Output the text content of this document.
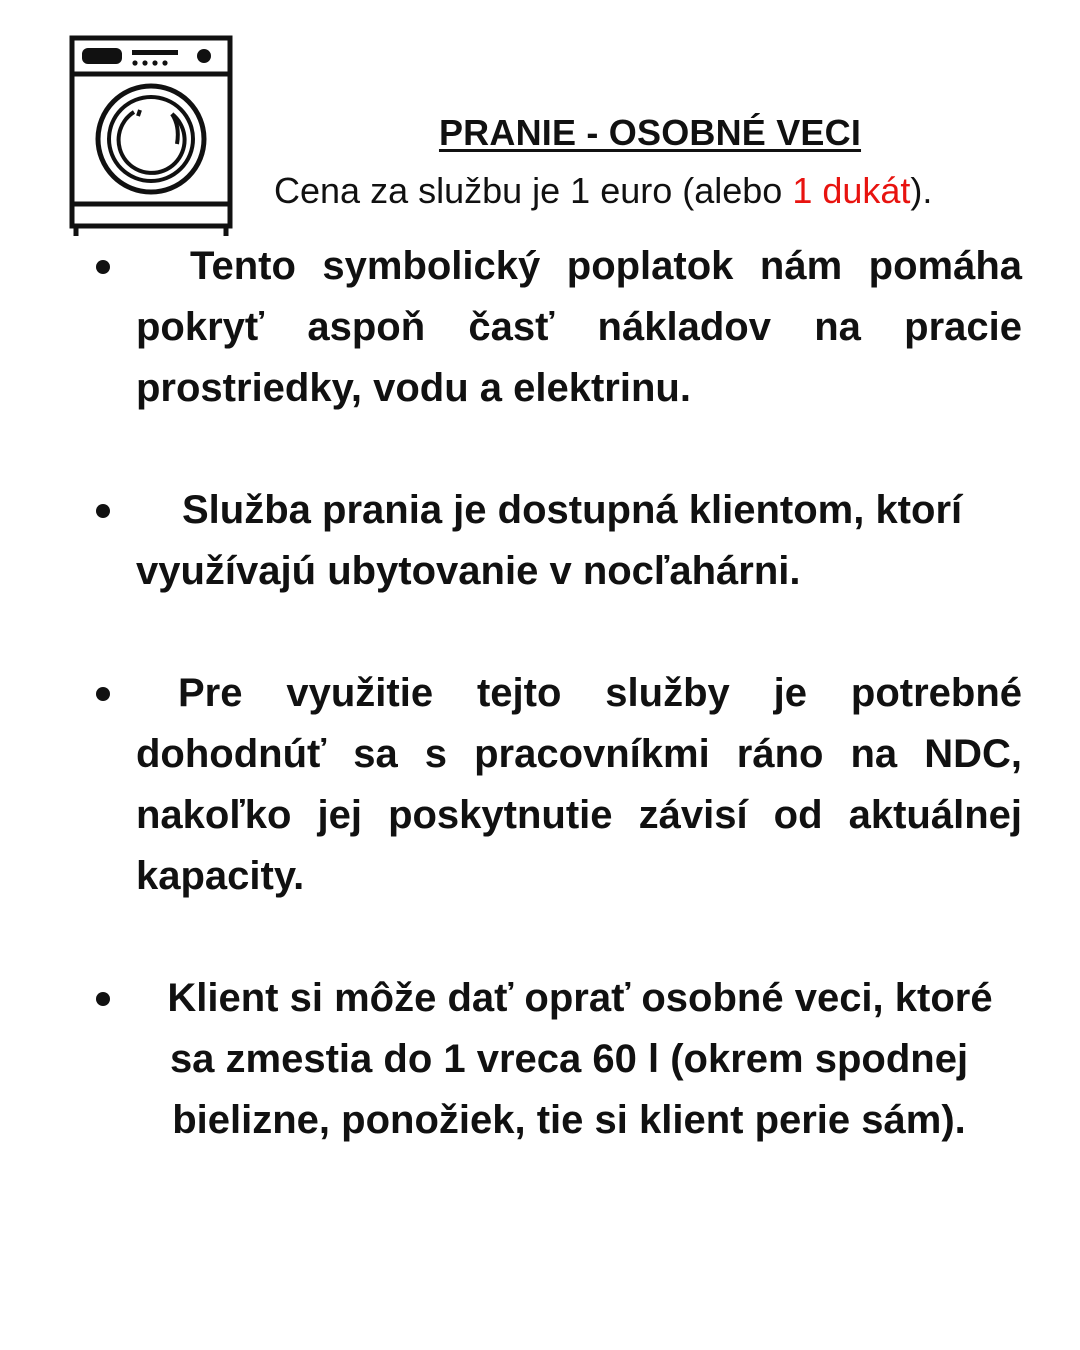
PRANIE - OSOBNÉ VECI
Cena za službu je 1 euro (alebo 1 dukát).
Tento symbolický poplatok nám pomáha pokryť aspoň časť nákladov na pracie prostriedky, vodu a elektrinu.
Služba prania je dostupná klientom, ktorí využívajú ubytovanie v nocľahárni.
Pre využitie tejto služby je potrebné dohodnúť sa s pracovníkmi ráno na NDC, nakoľko jej poskytnutie závisí od aktuálnej kapacity.
Klient si môže dať oprať osobné veci, ktoré sa zmestia do 1 vreca 60 l (okrem spodnej bielizne, ponožiek, tie si klient perie sám).
